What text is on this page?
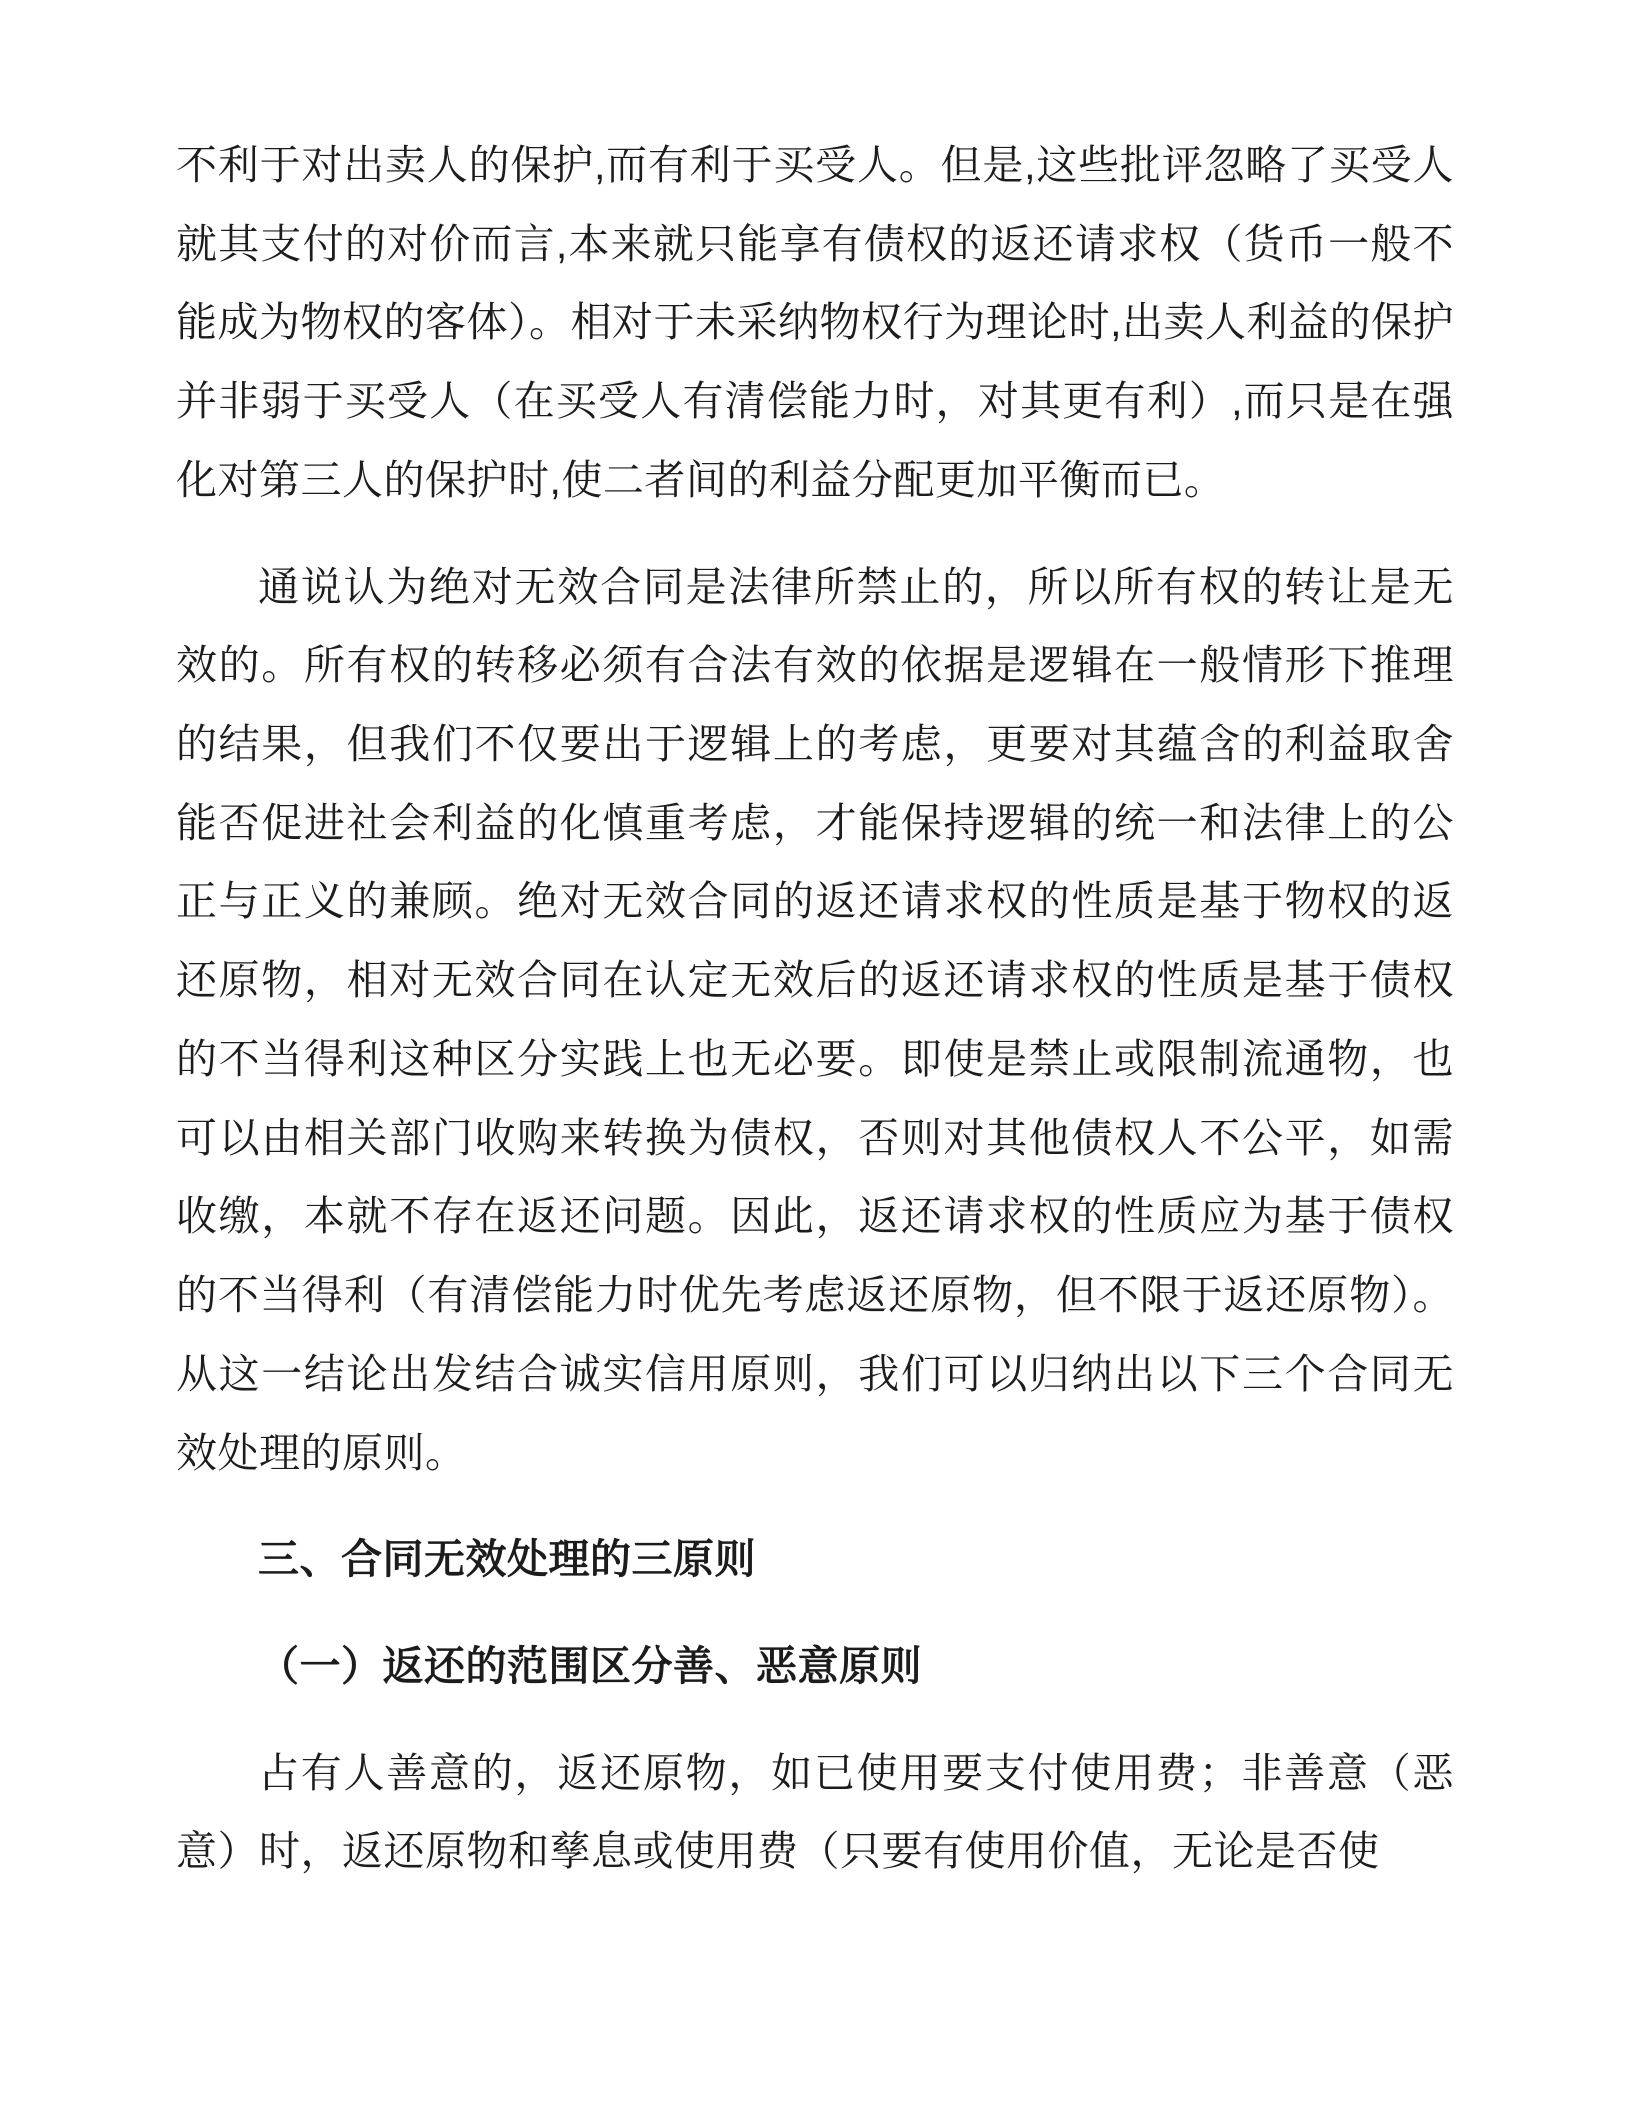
不利于对出卖人的保护,而有利于买受人。但是,这些批评忽略了买受人就其支付的对价而言,本来就只能享有债权的返还请求权（货币一般不能成为物权的客体）。相对于未采纳物权行为理论时,出卖人利益的保护并非弱于买受人（在买受人有清偿能力时，对其更有利）,而只是在强化对第三人的保护时,使二者间的利益分配更加平衡而已。

通说认为绝对无效合同是法律所禁止的，所以所有权的转让是无效的。所有权的转移必须有合法有效的依据是逻辑在一般情形下推理的结果，但我们不仅要出于逻辑上的考虑，更要对其蕴含的利益取舍能否促进社会利益的化慎重考虑，才能保持逻辑的统一和法律上的公正与正义的兼顾。绝对无效合同的返还请求权的性质是基于物权的返还原物，相对无效合同在认定无效后的返还请求权的性质是基于债权的不当得利这种区分实践上也无必要。即使是禁止或限制流通物，也可以由相关部门收购来转换为债权，否则对其他债权人不公平，如需收缴，本就不存在返还问题。因此，返还请求权的性质应为基于债权的不当得利（有清偿能力时优先考虑返还原物，但不限于返还原物）。从这一结论出发结合诚实信用原则，我们可以归纳出以下三个合同无效处理的原则。

三、合同无效处理的三原则

（一）返还的范围区分善、恶意原则

占有人善意的，返还原物，如已使用要支付使用费；非善意（恶意）时，返还原物和孳息或使用费（只要有使用价值，无论是否使
